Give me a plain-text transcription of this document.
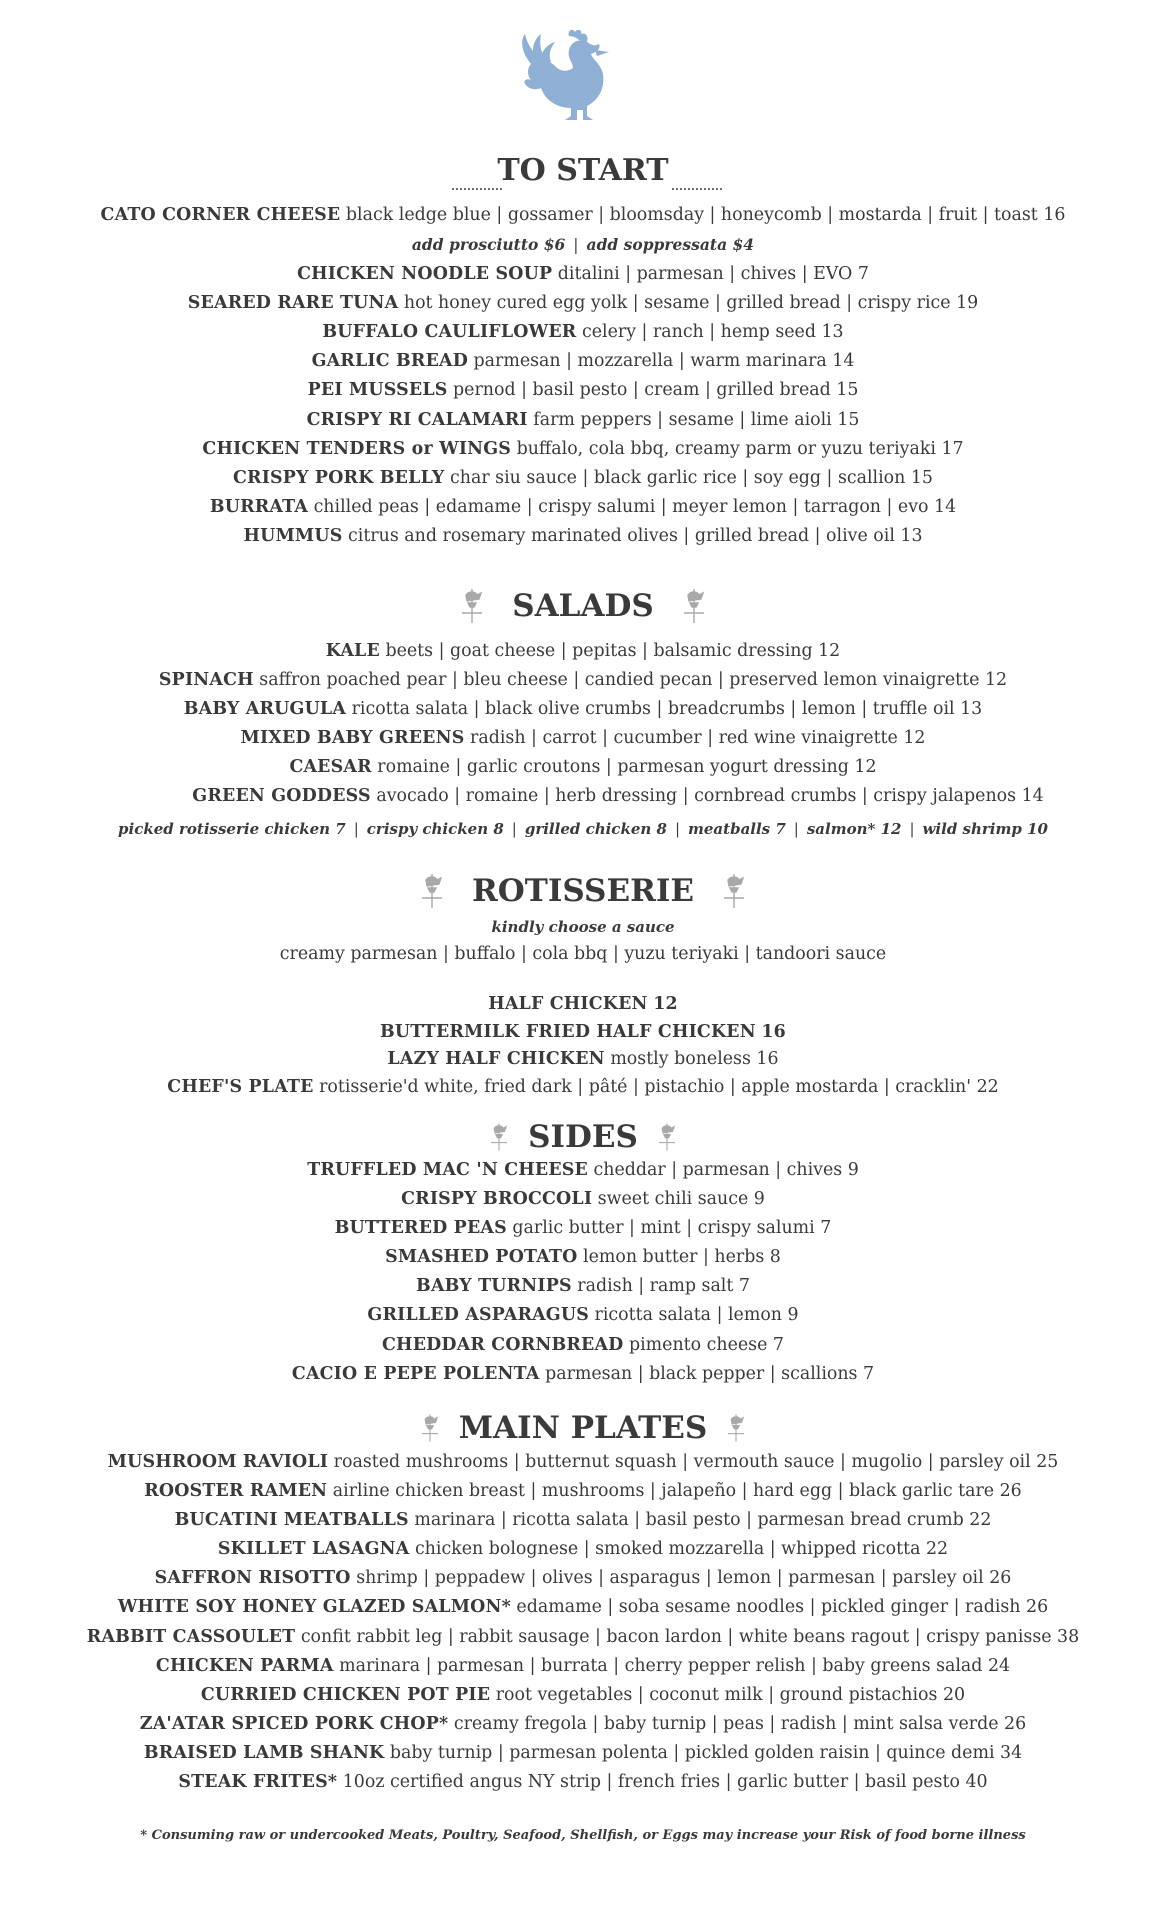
TO START
CATO CORNER CHEESE black ledge blue | gossamer | bloomsday | honeycomb | mostarda | fruit | toast 16
add prosciutto $6 | add soppressata $4
CHICKEN NOODLE SOUP ditalini | parmesan | chives | EVO 7
SEARED RARE TUNA hot honey cured egg yolk | sesame | grilled bread | crispy rice 19
BUFFALO CAULIFLOWER celery | ranch | hemp seed 13
GARLIC BREAD parmesan | mozzarella | warm marinara 14
PEI MUSSELS pernod | basil pesto | cream | grilled bread 15
CRISPY RI CALAMARI farm peppers | sesame | lime aioli 15
CHICKEN TENDERS or WINGS buffalo, cola bbq, creamy parm or yuzu teriyaki 17
CRISPY PORK BELLY char siu sauce | black garlic rice | soy egg | scallion 15
BURRATA chilled peas | edamame | crispy salumi | meyer lemon | tarragon | evo 14
HUMMUS citrus and rosemary marinated olives | grilled bread | olive oil 13
SALADS
KALE beets | goat cheese | pepitas | balsamic dressing 12
SPINACH saffron poached pear | bleu cheese | candied pecan | preserved lemon vinaigrette 12
BABY ARUGULA ricotta salata | black olive crumbs | breadcrumbs | lemon | truffle oil 13
MIXED BABY GREENS radish | carrot | cucumber | red wine vinaigrette 12
CAESAR romaine | garlic croutons | parmesan yogurt dressing 12
GREEN GODDESS avocado | romaine | herb dressing | cornbread crumbs | crispy jalapenos 14
picked rotisserie chicken 7 | crispy chicken 8 | grilled chicken 8 | meatballs 7 | salmon* 12 | wild shrimp 10
ROTISSERIE
kindly choose a sauce
creamy parmesan | buffalo | cola bbq | yuzu teriyaki | tandoori sauce
HALF CHICKEN 12
BUTTERMILK FRIED HALF CHICKEN 16
LAZY HALF CHICKEN mostly boneless 16
CHEF'S PLATE rotisserie'd white, fried dark | pâté | pistachio | apple mostarda | cracklin' 22
SIDES
TRUFFLED MAC 'N CHEESE cheddar | parmesan | chives 9
CRISPY BROCCOLI sweet chili sauce 9
BUTTERED PEAS garlic butter | mint | crispy salumi 7
SMASHED POTATO lemon butter | herbs 8
BABY TURNIPS radish | ramp salt 7
GRILLED ASPARAGUS ricotta salata | lemon 9
CHEDDAR CORNBREAD pimento cheese 7
CACIO E PEPE POLENTA parmesan | black pepper | scallions 7
MAIN PLATES
MUSHROOM RAVIOLI roasted mushrooms | butternut squash | vermouth sauce | mugolio | parsley oil 25
ROOSTER RAMEN airline chicken breast | mushrooms | jalapeño | hard egg | black garlic tare 26
BUCATINI MEATBALLS marinara | ricotta salata | basil pesto | parmesan bread crumb 22
SKILLET LASAGNA chicken bolognese | smoked mozzarella | whipped ricotta 22
SAFFRON RISOTTO shrimp | peppadew | olives | asparagus | lemon | parmesan | parsley oil 26
WHITE SOY HONEY GLAZED SALMON* edamame | soba sesame noodles | pickled ginger | radish 26
RABBIT CASSOULET confit rabbit leg | rabbit sausage | bacon lardon | white beans ragout | crispy panisse 38
CHICKEN PARMA marinara | parmesan | burrata | cherry pepper relish | baby greens salad 24
CURRIED CHICKEN POT PIE root vegetables | coconut milk | ground pistachios 20
ZA'ATAR SPICED PORK CHOP* creamy fregola | baby turnip | peas | radish | mint salsa verde 26
BRAISED LAMB SHANK baby turnip | parmesan polenta | pickled golden raisin | quince demi 34
STEAK FRITES* 10oz certified angus NY strip | french fries | garlic butter | basil pesto 40
* Consuming raw or undercooked Meats, Poultry, Seafood, Shellfish, or Eggs may increase your Risk of food borne illness
